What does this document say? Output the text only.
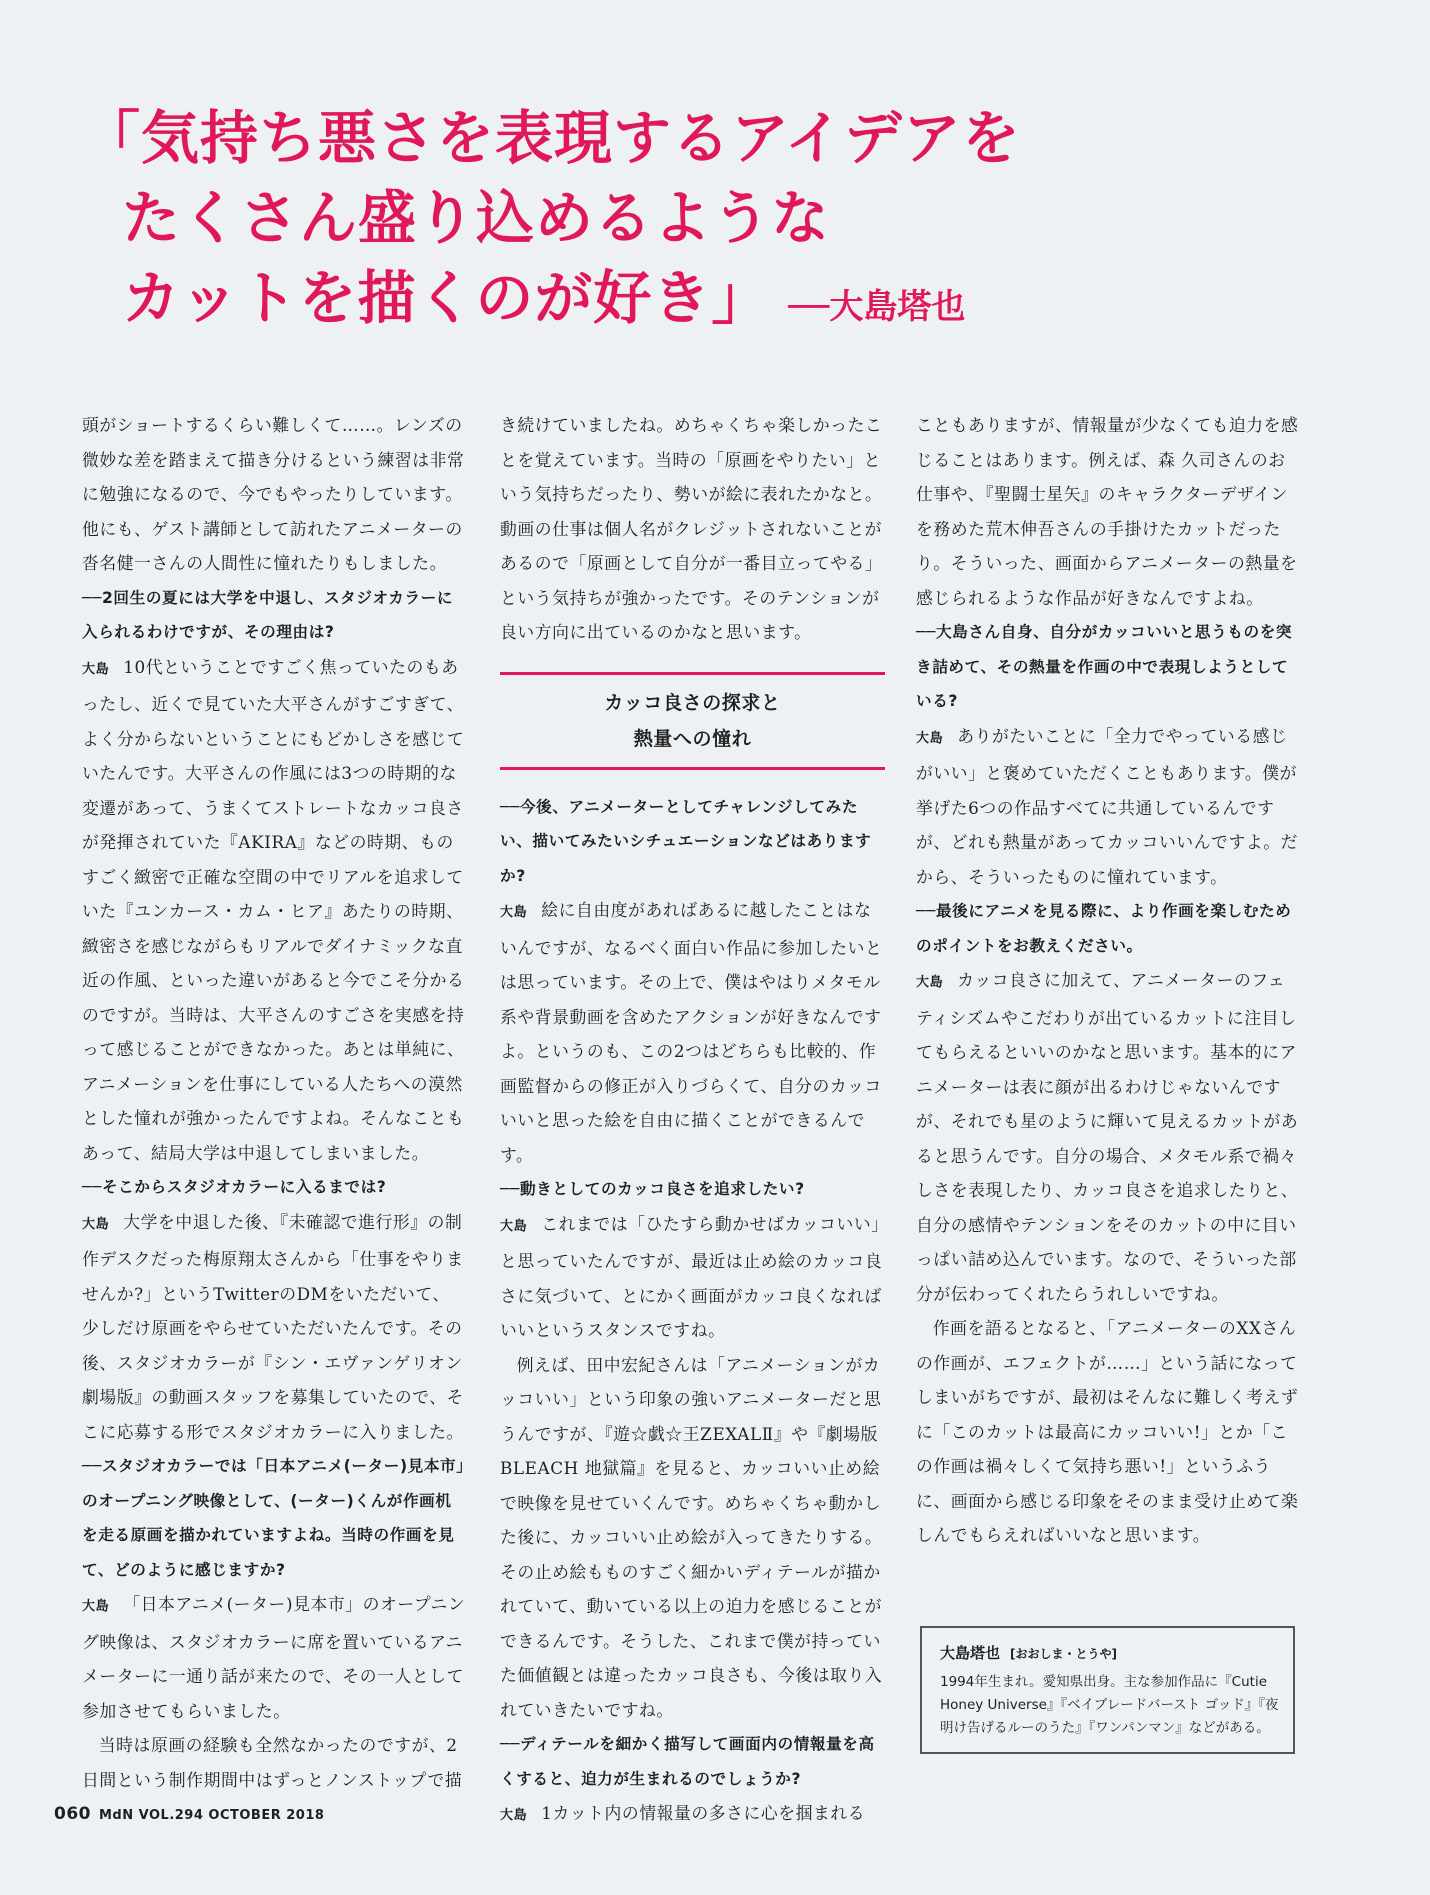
「気持ち悪さを表現するアイデアを
たくさん盛り込めるような
カットを描くのが好き」 ──大島塔也

頭がショートするくらい難しくて……。レンズの微妙な差を踏まえて描き分けるという練習は非常に勉強になるので、今でもやったりしています。他にも、ゲスト講師として訪れたアニメーターの沓名健一さんの人間性に憧れたりもしました。

──2回生の夏には大学を中退し、スタジオカラーに入られるわけですが、その理由は?

大島 10代ということですごく焦っていたのもあったし、近くで見ていた大平さんがすごすぎて、よく分からないということにもどかしさを感じていたんです。大平さんの作風には3つの時期的な変遷があって、うまくてストレートなカッコ良さが発揮されていた『AKIRA』などの時期、ものすごく緻密で正確な空間の中でリアルを追求していた『ユンカース・カム・ヒア』あたりの時期、緻密さを感じながらもリアルでダイナミックな直近の作風、といった違いがあると今でこそ分かるのですが。当時は、大平さんのすごさを実感を持って感じることができなかった。あとは単純に、アニメーションを仕事にしている人たちへの漠然とした憧れが強かったんですよね。そんなこともあって、結局大学は中退してしまいました。

──そこからスタジオカラーに入るまでは?

大島 大学を中退した後、『未確認で進行形』の制作デスクだった梅原翔太さんから「仕事をやりませんか?」というTwitterのDMをいただいて、少しだけ原画をやらせていただいたんです。その後、スタジオカラーが『シン・エヴァンゲリオン劇場版』の動画スタッフを募集していたので、そこに応募する形でスタジオカラーに入りました。

──スタジオカラーでは「日本アニメ(ーター)見本市」のオープニング映像として、(ーター)くんが作画机を走る原画を描かれていますよね。当時の作画を見て、どのように感じますか?

大島 「日本アニメ(ーター)見本市」のオープニング映像は、スタジオカラーに席を置いているアニメーターに一通り話が来たので、その一人として参加させてもらいました。

当時は原画の経験も全然なかったのですが、2日間という制作期間中はずっとノンストップで描

き続けていましたね。めちゃくちゃ楽しかったことを覚えています。当時の「原画をやりたい」という気持ちだったり、勢いが絵に表れたかなと。動画の仕事は個人名がクレジットされないことがあるので「原画として自分が一番目立ってやる」という気持ちが強かったです。そのテンションが良い方向に出ているのかなと思います。

カッコ良さの探求と
熱量への憧れ

──今後、アニメーターとしてチャレンジしてみたい、描いてみたいシチュエーションなどはありますか?

大島 絵に自由度があればあるに越したことはないんですが、なるべく面白い作品に参加したいとは思っています。その上で、僕はやはりメタモル系や背景動画を含めたアクションが好きなんですよ。というのも、この2つはどちらも比較的、作画監督からの修正が入りづらくて、自分のカッコいいと思った絵を自由に描くことができるんです。

──動きとしてのカッコ良さを追求したい?

大島 これまでは「ひたすら動かせばカッコいい」と思っていたんですが、最近は止め絵のカッコ良さに気づいて、とにかく画面がカッコ良くなればいいというスタンスですね。

例えば、田中宏紀さんは「アニメーションがカッコいい」という印象の強いアニメーターだと思うんですが、『遊☆戯☆王ZEXALⅡ』や『劇場版BLEACH 地獄篇』を見ると、カッコいい止め絵で映像を見せていくんです。めちゃくちゃ動かした後に、カッコいい止め絵が入ってきたりする。その止め絵もものすごく細かいディテールが描かれていて、動いている以上の迫力を感じることができるんです。そうした、これまで僕が持っていた価値観とは違ったカッコ良さも、今後は取り入れていきたいですね。

──ディテールを細かく描写して画面内の情報量を高くすると、迫力が生まれるのでしょうか?

大島 1カット内の情報量の多さに心を掴まれる

こともありますが、情報量が少なくても迫力を感じることはあります。例えば、森 久司さんのお仕事や、『聖闘士星矢』のキャラクターデザインを務めた荒木伸吾さんの手掛けたカットだったり。そういった、画面からアニメーターの熱量を感じられるような作品が好きなんですよね。

──大島さん自身、自分がカッコいいと思うものを突き詰めて、その熱量を作画の中で表現しようとしている?

大島 ありがたいことに「全力でやっている感じがいい」と褒めていただくこともあります。僕が挙げた6つの作品すべてに共通しているんですが、どれも熱量があってカッコいいんですよ。だから、そういったものに憧れています。

──最後にアニメを見る際に、より作画を楽しむためのポイントをお教えください。

大島 カッコ良さに加えて、アニメーターのフェティシズムやこだわりが出ているカットに注目してもらえるといいのかなと思います。基本的にアニメーターは表に顔が出るわけじゃないんですが、それでも星のように輝いて見えるカットがあると思うんです。自分の場合、メタモル系で禍々しさを表現したり、カッコ良さを追求したりと、自分の感情やテンションをそのカットの中に目いっぱい詰め込んでいます。なので、そういった部分が伝わってくれたらうれしいですね。

作画を語るとなると、「アニメーターのXXさんの作画が、エフェクトが……」という話になってしまいがちですが、最初はそんなに難しく考えずに「このカットは最高にカッコいい!」とか「この作画は禍々しくて気持ち悪い!」というふうに、画面から感じる印象をそのまま受け止めて楽しんでもらえればいいなと思います。

大島塔也 [おおしま・とうや]
1994年生まれ。愛知県出身。主な参加作品に『Cutie Honey Universe』『ベイブレードバースト ゴッド』『夜明け告げるルーのうた』『ワンパンマン』などがある。
060 MdN VOL.294 OCTOBER 2018
